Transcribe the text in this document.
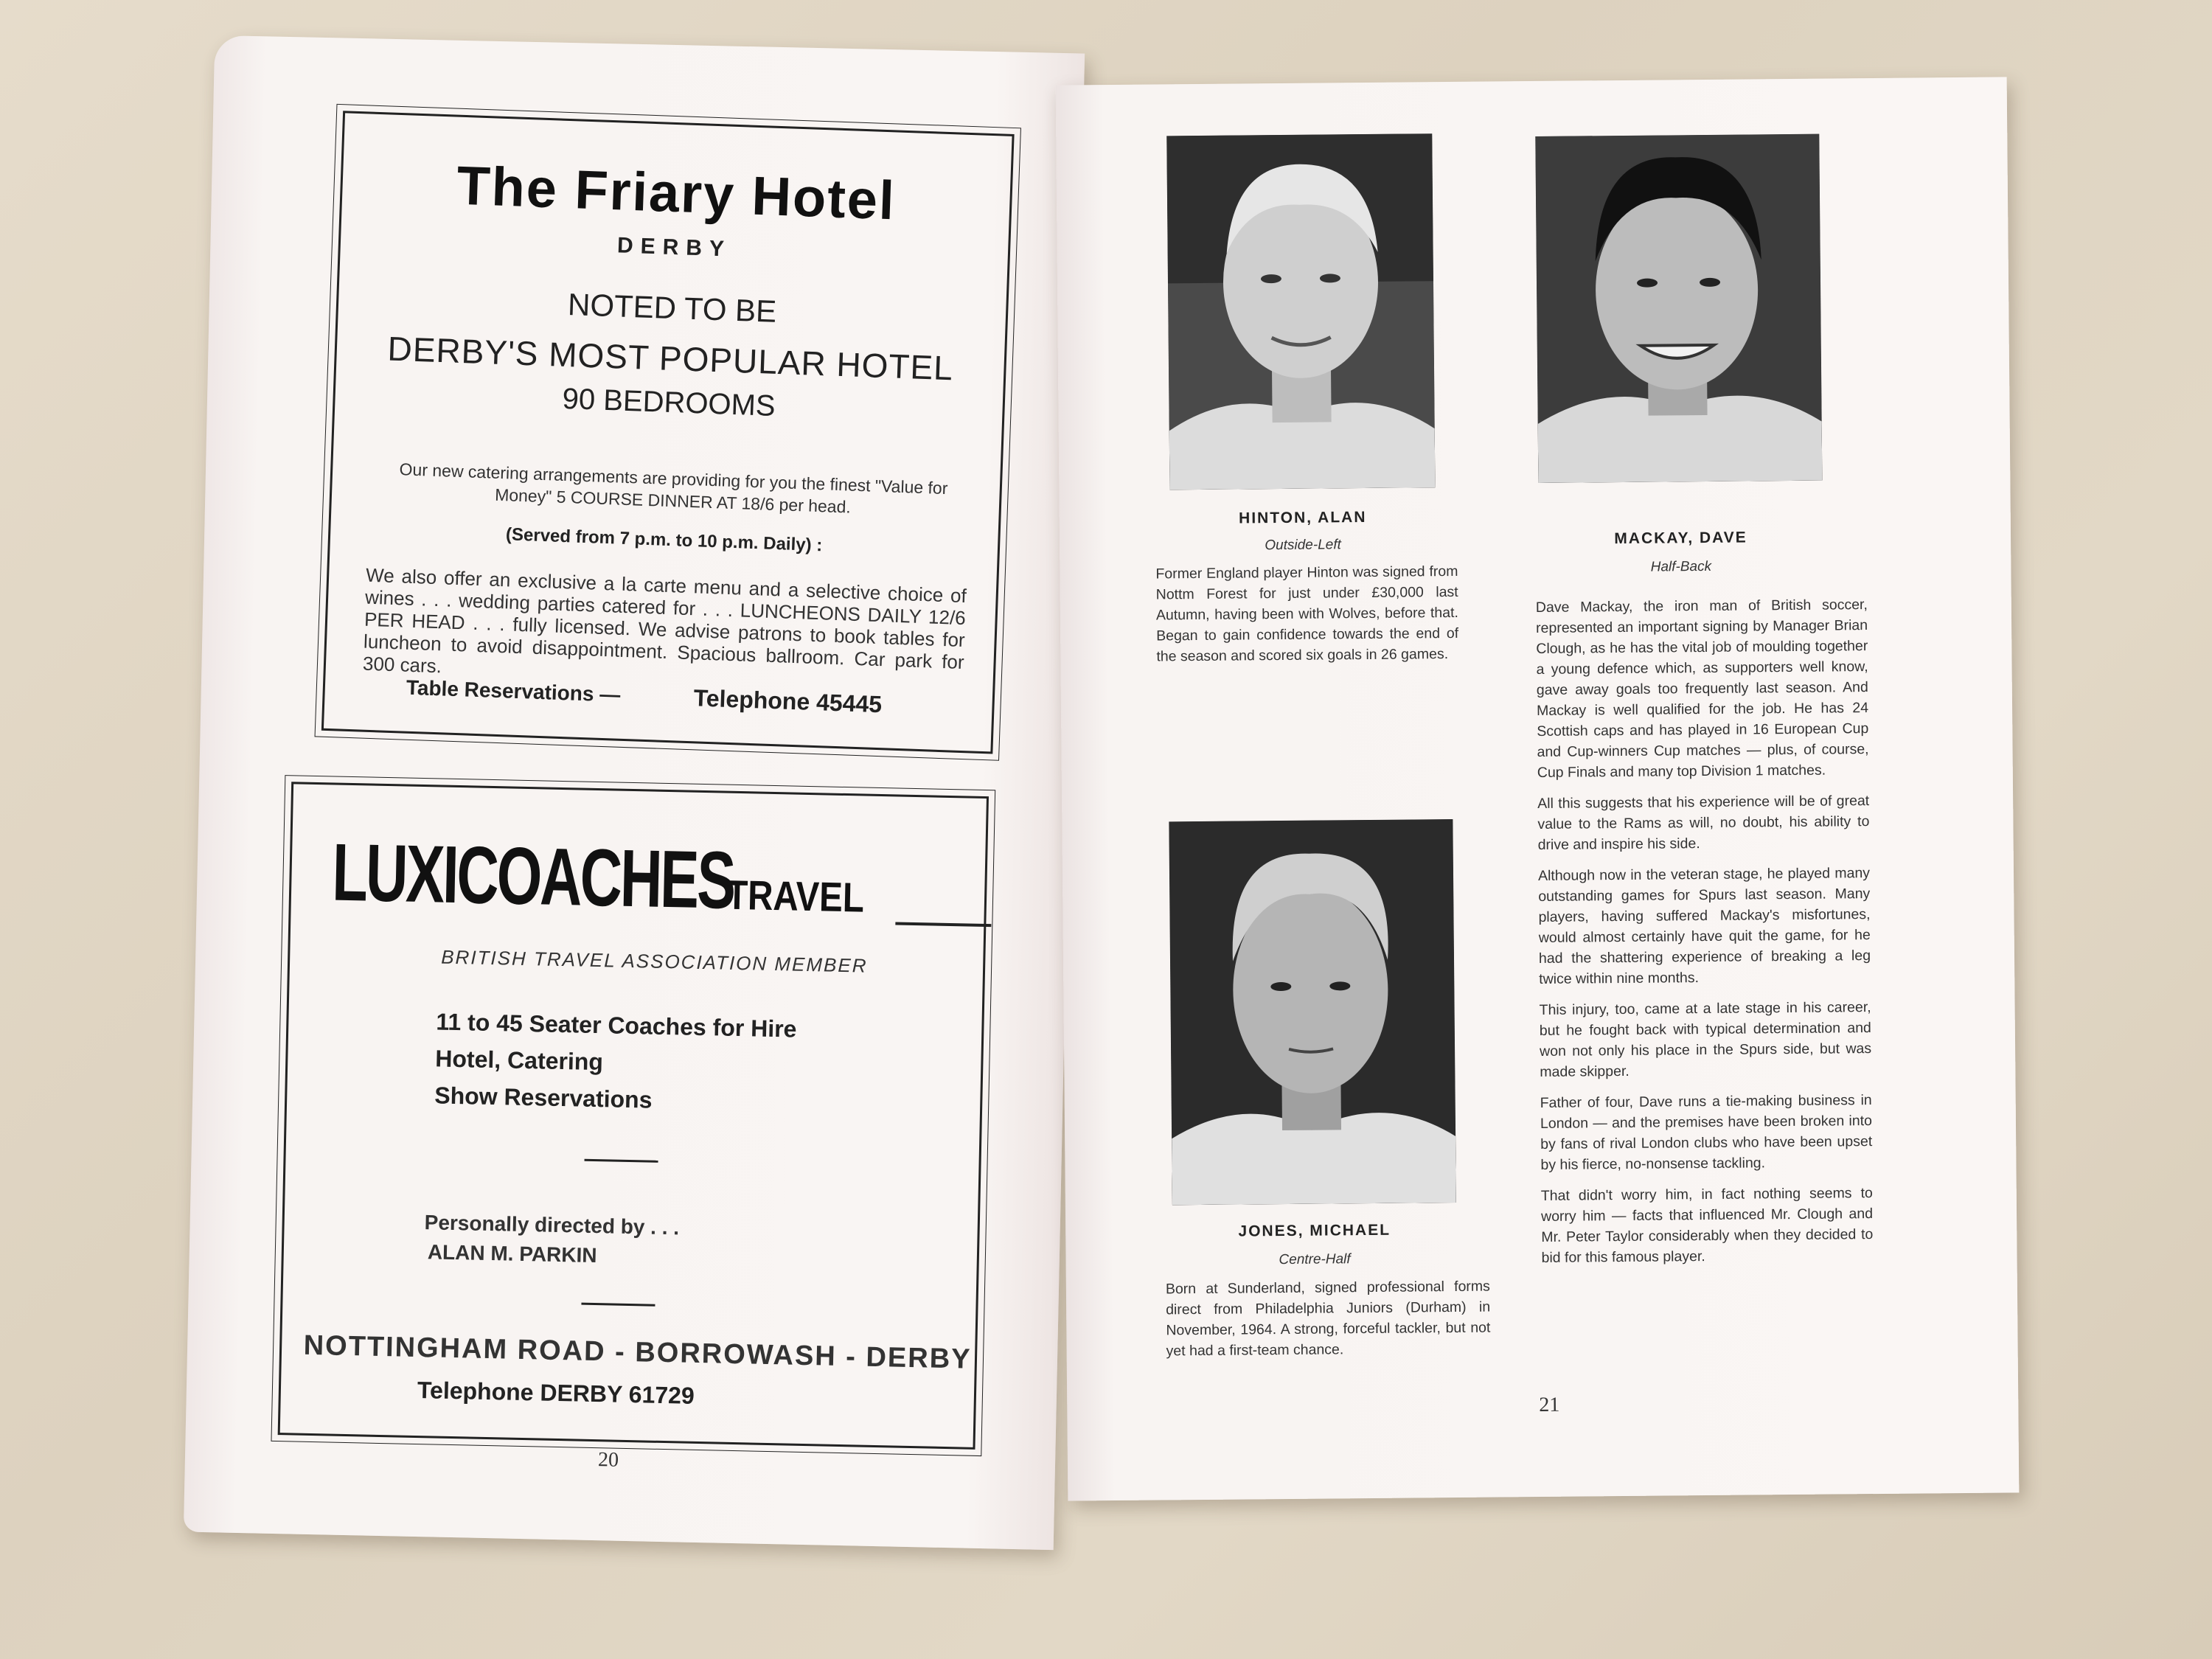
The Friary Hotel
DERBY
NOTED TO BE
DERBY'S MOST POPULAR HOTEL
90 BEDROOMS
Our new catering arrangements are providing for you the finest "Value for Money" 5 COURSE DINNER AT 18/6 per head.
(Served from 7 p.m. to 10 p.m. Daily) :
We also offer an exclusive a la carte menu and a selective choice of wines . . . wedding parties catered for . . . LUNCHEONS DAILY 12/6 PER HEAD . . . fully licensed. We advise patrons to book tables for luncheon to avoid disappointment. Spacious ballroom. Car park for 300 cars.
Table Reservations —	Telephone 45445
LUXICOACHES
TRAVEL
BRITISH TRAVEL ASSOCIATION MEMBER
11 to 45 Seater Coaches for Hire
Hotel, Catering
Show Reservations
Personally directed by . . .
ALAN M. PARKIN
NOTTINGHAM ROAD - BORROWASH - DERBY
Telephone DERBY 61729
20
HINTON, ALAN
Outside-Left

Former England player Hinton was signed from Nottm Forest for just under £30,000 last Autumn, having been with Wolves, before that. Began to gain confidence towards the end of the season and scored six goals in 26 games.

MACKAY, DAVE
Half-Back

Dave Mackay, the iron man of British soccer, represented an important signing by Manager Brian Clough, as he has the vital job of moulding together a young defence which, as supporters well know, gave away goals too frequently last season. And Mackay is well qualified for the job. He has 24 Scottish caps and has played in 16 European Cup and Cup-winners Cup matches — plus, of course, Cup Finals and many top Division 1 matches.

All this suggests that his experience will be of great value to the Rams as will, no doubt, his ability to drive and inspire his side.

Although now in the veteran stage, he played many outstanding games for Spurs last season. Many players, having suffered Mackay's misfortunes, would almost certainly have quit the game, for he had the shattering experience of breaking a leg twice within nine months.

This injury, too, came at a late stage in his career, but he fought back with typical determination and won not only his place in the Spurs side, but was made skipper.

Father of four, Dave runs a tie-making business in London — and the premises have been broken into by fans of rival London clubs who have been upset by his fierce, no-nonsense tackling.

That didn't worry him, in fact nothing seems to worry him — facts that influenced Mr. Clough and Mr. Peter Taylor considerably when they decided to bid for this famous player.

JONES, MICHAEL
Centre-Half

Born at Sunderland, signed professional forms direct from Philadelphia Juniors (Durham) in November, 1964. A strong, forceful tackler, but not yet had a first-team chance.

21
